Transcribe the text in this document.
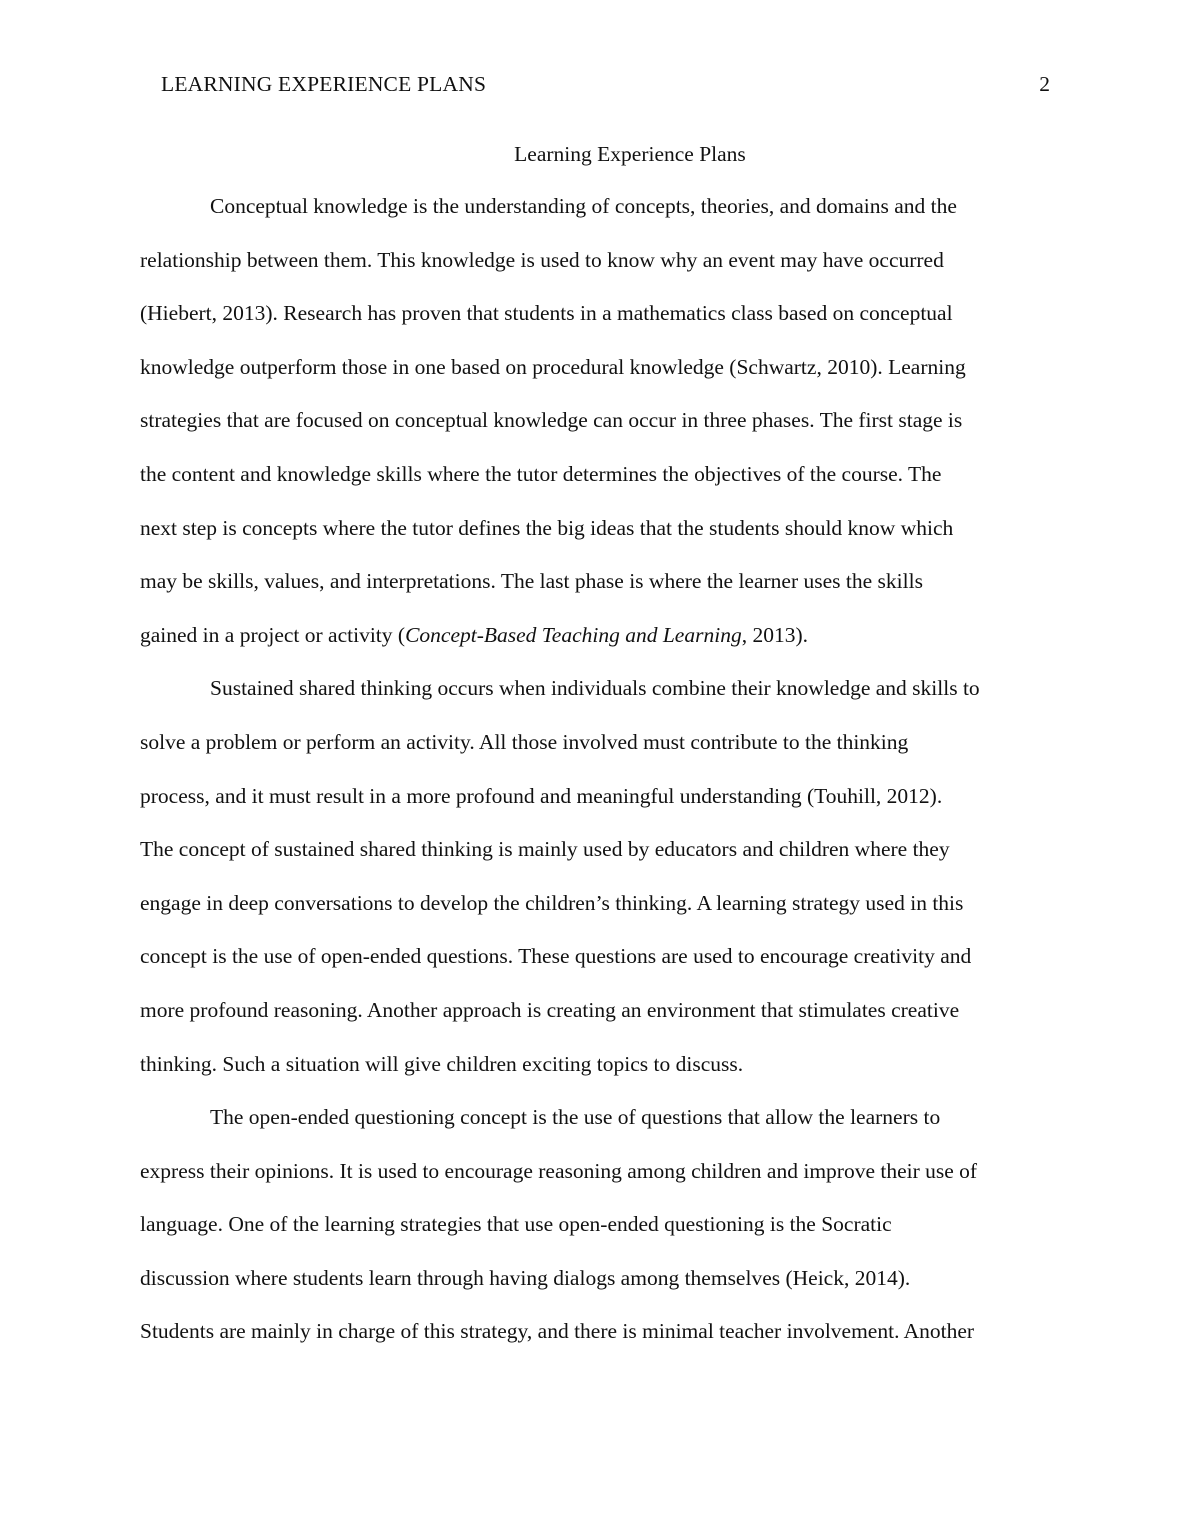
LEARNING EXPERIENCE PLANS	2
Learning Experience Plans

Conceptual knowledge is the understanding of concepts, theories, and domains and the
relationship between them. This knowledge is used to know why an event may have occurred
(Hiebert, 2013). Research has proven that students in a mathematics class based on conceptual
knowledge outperform those in one based on procedural knowledge (Schwartz, 2010). Learning
strategies that are focused on conceptual knowledge can occur in three phases. The first stage is
the content and knowledge skills where the tutor determines the objectives of the course. The
next step is concepts where the tutor defines the big ideas that the students should know which
may be skills, values, and interpretations. The last phase is where the learner uses the skills
gained in a project or activity (Concept-Based Teaching and Learning, 2013).

Sustained shared thinking occurs when individuals combine their knowledge and skills to
solve a problem or perform an activity. All those involved must contribute to the thinking
process, and it must result in a more profound and meaningful understanding (Touhill, 2012).
The concept of sustained shared thinking is mainly used by educators and children where they
engage in deep conversations to develop the children’s thinking. A learning strategy used in this
concept is the use of open-ended questions. These questions are used to encourage creativity and
more profound reasoning. Another approach is creating an environment that stimulates creative
thinking. Such a situation will give children exciting topics to discuss.

The open-ended questioning concept is the use of questions that allow the learners to
express their opinions. It is used to encourage reasoning among children and improve their use of
language. One of the learning strategies that use open-ended questioning is the Socratic
discussion where students learn through having dialogs among themselves (Heick, 2014).
Students are mainly in charge of this strategy, and there is minimal teacher involvement. Another
